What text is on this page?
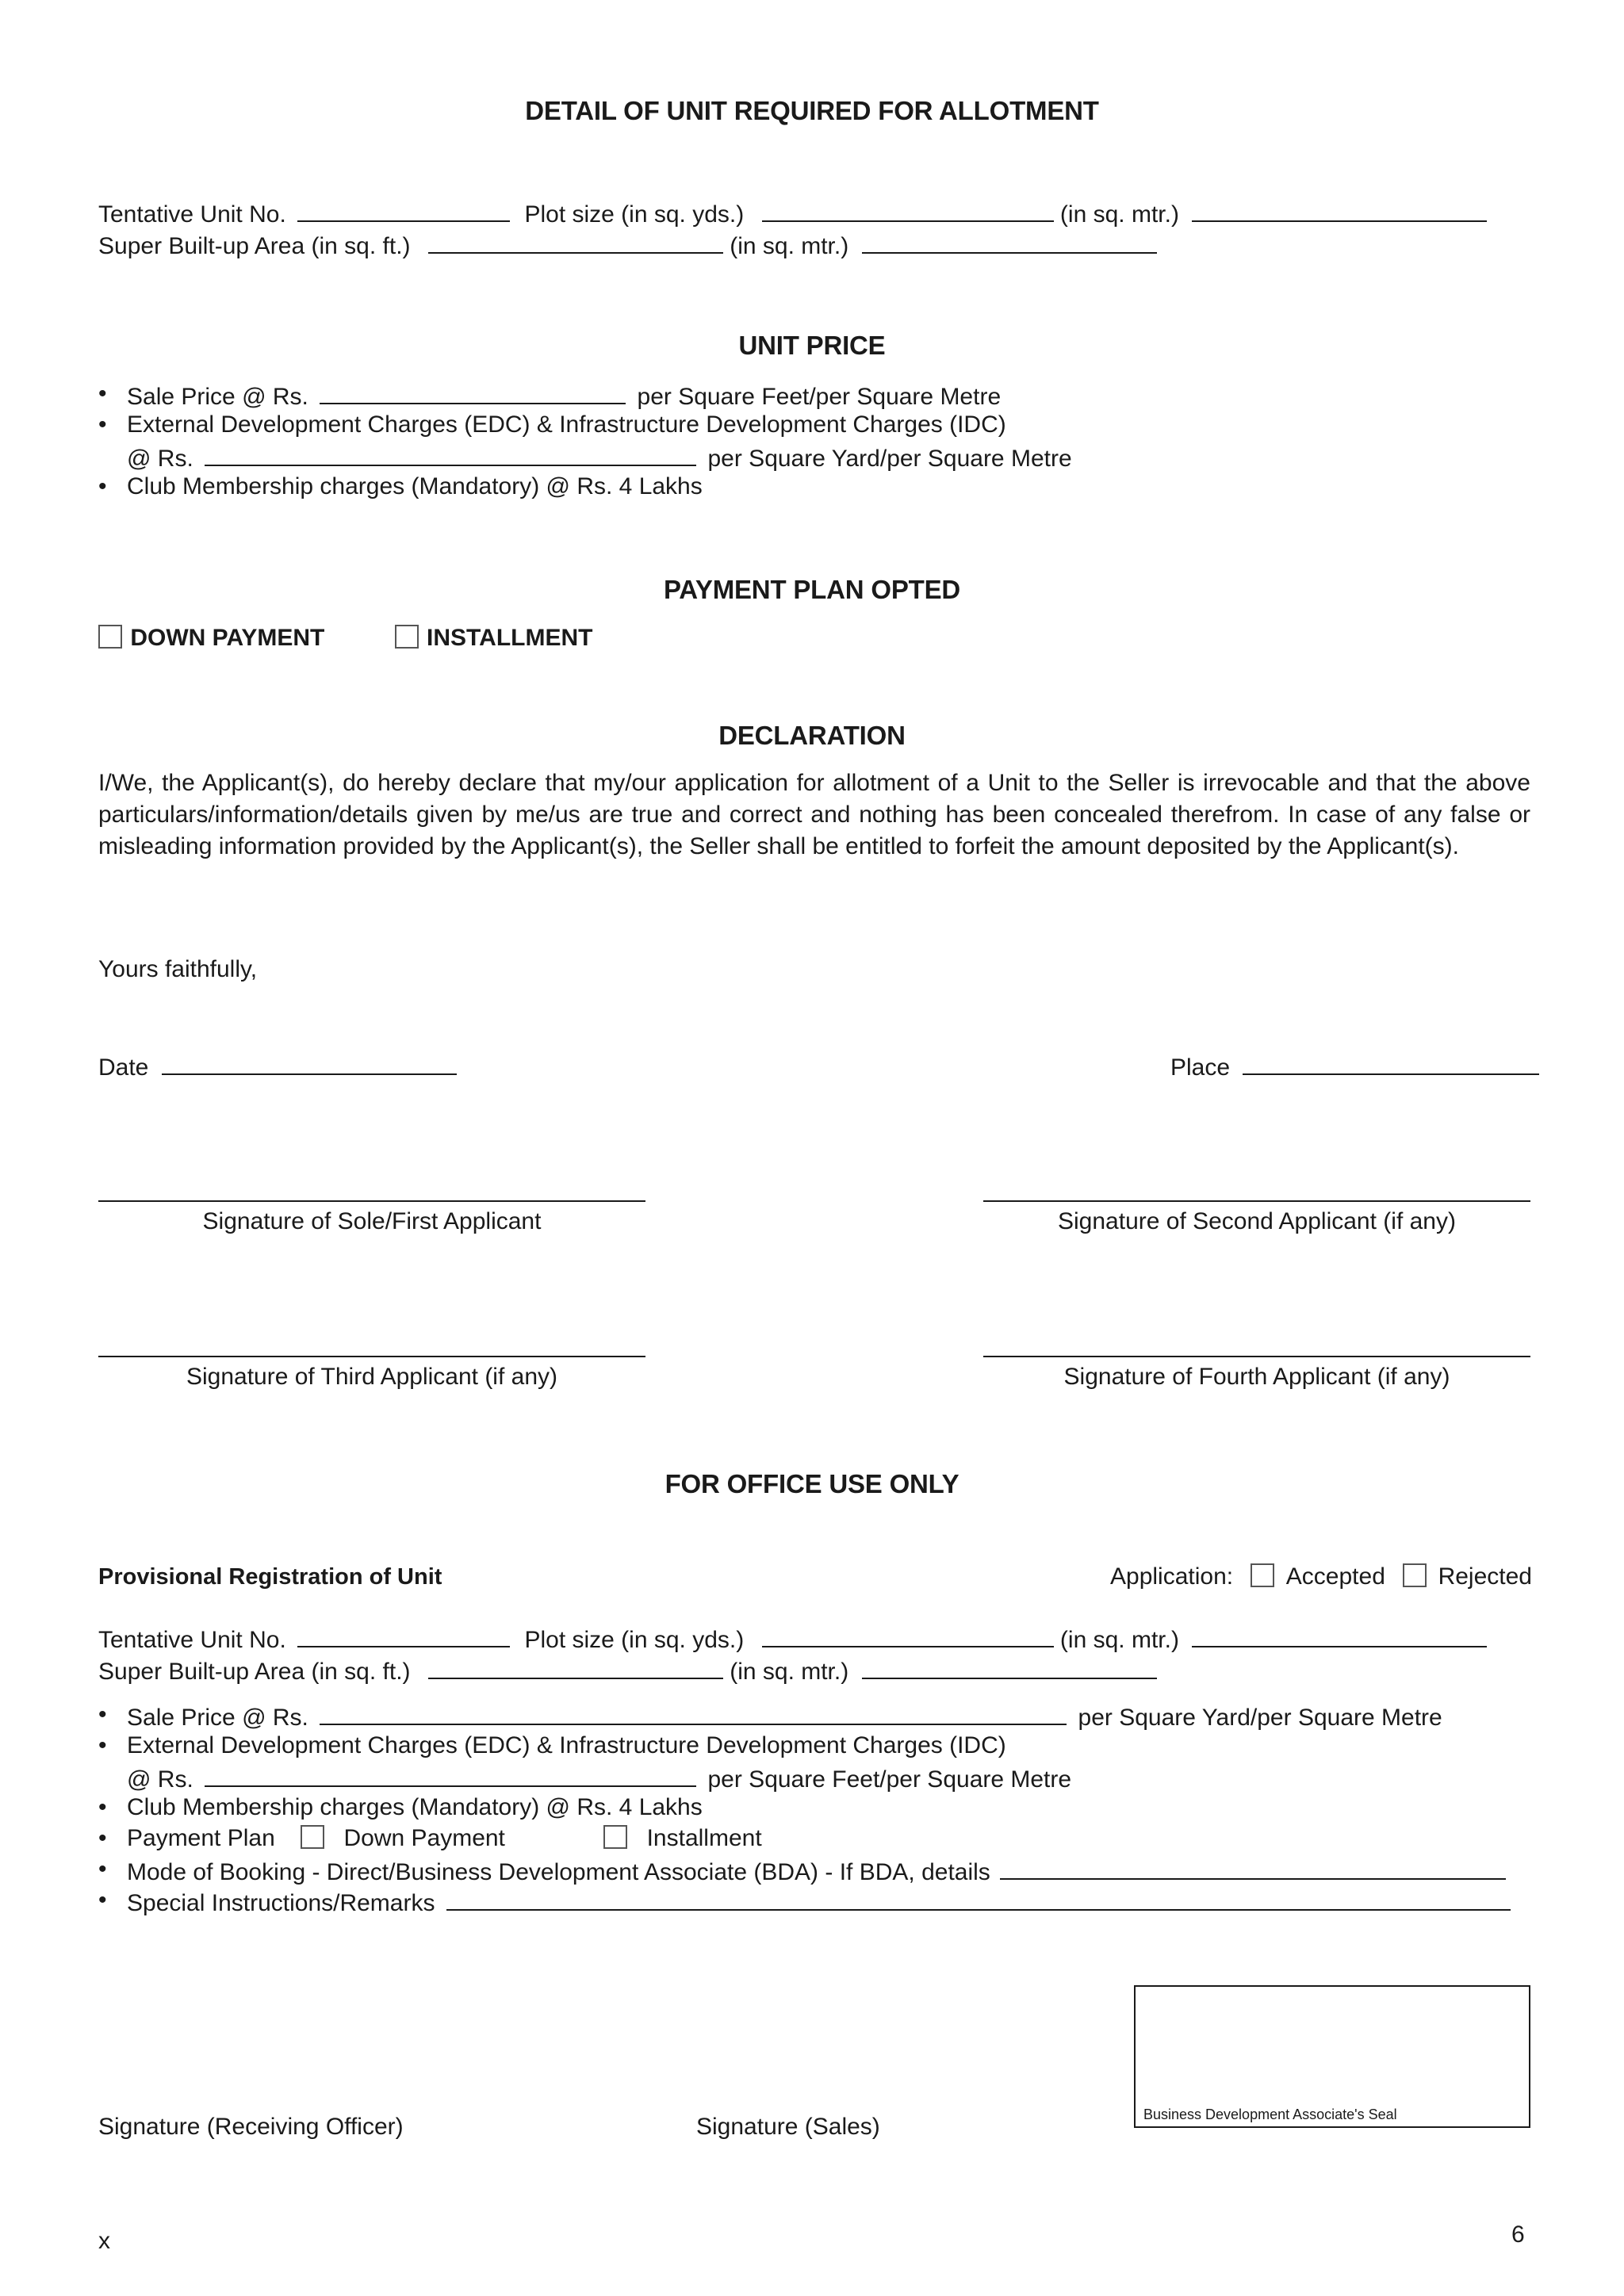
DETAIL OF UNIT REQUIRED FOR ALLOTMENT
Tentative Unit No.	Plot size (in sq. yds.)	(in sq. mtr.)
Super Built-up Area (in sq. ft.)	(in sq. mtr.)
UNIT PRICE
• Sale Price @ Rs.	per Square Feet/per Square Metre
• External Development Charges (EDC) & Infrastructure Development Charges (IDC)
@ Rs.	per Square Yard/per Square Metre
• Club Membership charges (Mandatory) @ Rs. 4 Lakhs
PAYMENT PLAN OPTED
DOWN PAYMENT	INSTALLMENT
DECLARATION
I/We, the Applicant(s), do hereby declare that my/our application for allotment of a Unit to the Seller is irrevocable and that the above particulars/information/details given by me/us are true and correct and nothing has been concealed therefrom. In case of any false or misleading information provided by the Applicant(s), the Seller shall be entitled to forfeit the amount deposited by the Applicant(s).
Yours faithfully,
Date	Place
Signature of Sole/First Applicant	Signature of Second Applicant (if any)
Signature of Third Applicant (if any)	Signature of Fourth Applicant (if any)
FOR OFFICE USE ONLY
Provisional Registration of Unit	Application: Accepted Rejected
Tentative Unit No.	Plot size (in sq. yds.)	(in sq. mtr.)
Super Built-up Area (in sq. ft.)	(in sq. mtr.)
• Sale Price @ Rs.	per Square Yard/per Square Metre
• External Development Charges (EDC) & Infrastructure Development Charges (IDC)
@ Rs.	per Square Feet/per Square Metre
• Club Membership charges (Mandatory) @ Rs. 4 Lakhs
• Payment Plan	Down Payment	Installment
• Mode of Booking - Direct/Business Development Associate (BDA) - If BDA, details
• Special Instructions/Remarks
Signature (Receiving Officer)	Signature (Sales)	Business Development Associate's Seal
x	6
